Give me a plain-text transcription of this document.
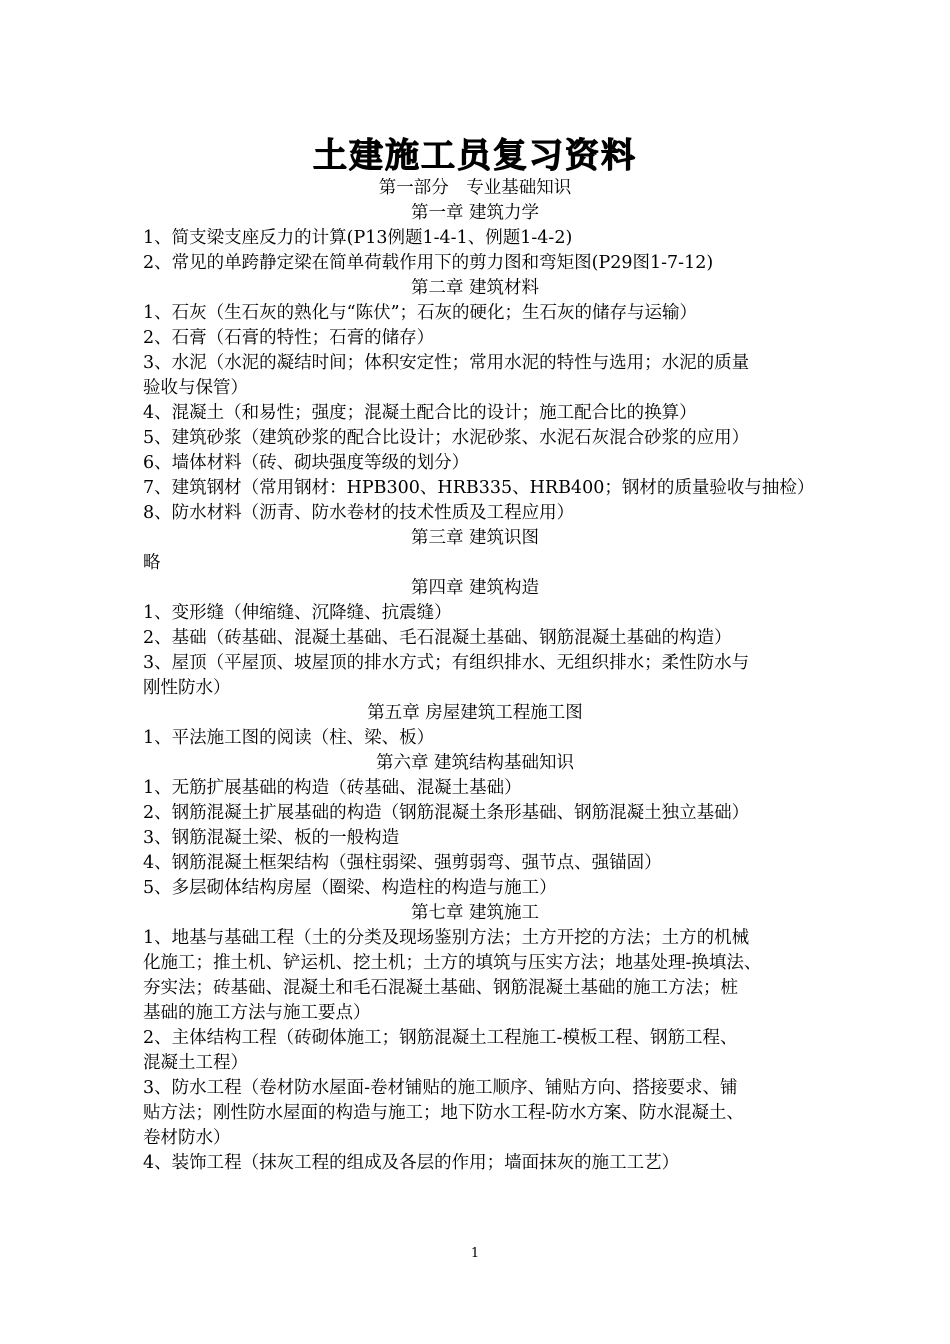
土建施工员复习资料
第一部分　专业基础知识
第一章 建筑力学
1、简支梁支座反力的计算(P13例题1-4-1、例题1-4-2)
2、常见的单跨静定梁在简单荷载作用下的剪力图和弯矩图(P29图1-7-12)
第二章 建筑材料
1、石灰（生石灰的熟化与“陈伏”；石灰的硬化；生石灰的储存与运输）
2、石膏（石膏的特性；石膏的储存）
3、水泥（水泥的凝结时间；体积安定性；常用水泥的特性与选用；水泥的质量
验收与保管）
4、混凝土（和易性；强度；混凝土配合比的设计；施工配合比的换算）
5、建筑砂浆（建筑砂浆的配合比设计；水泥砂浆、水泥石灰混合砂浆的应用）
6、墙体材料（砖、砌块强度等级的划分）
7、建筑钢材（常用钢材：HPB300、HRB335、HRB400；钢材的质量验收与抽检）
8、防水材料（沥青、防水卷材的技术性质及工程应用）
第三章 建筑识图
略
第四章 建筑构造
1、变形缝（伸缩缝、沉降缝、抗震缝）
2、基础（砖基础、混凝土基础、毛石混凝土基础、钢筋混凝土基础的构造）
3、屋顶（平屋顶、坡屋顶的排水方式；有组织排水、无组织排水；柔性防水与
刚性防水）
第五章 房屋建筑工程施工图
1、平法施工图的阅读（柱、梁、板）
第六章 建筑结构基础知识
1、无筋扩展基础的构造（砖基础、混凝土基础）
2、钢筋混凝土扩展基础的构造（钢筋混凝土条形基础、钢筋混凝土独立基础）
3、钢筋混凝土梁、板的一般构造
4、钢筋混凝土框架结构（强柱弱梁、强剪弱弯、强节点、强锚固）
5、多层砌体结构房屋（圈梁、构造柱的构造与施工）
第七章 建筑施工
1、地基与基础工程（土的分类及现场鉴别方法；土方开挖的方法；土方的机械
化施工；推土机、铲运机、挖土机；土方的填筑与压实方法；地基处理-换填法、
夯实法；砖基础、混凝土和毛石混凝土基础、钢筋混凝土基础的施工方法；桩
基础的施工方法与施工要点）
2、主体结构工程（砖砌体施工；钢筋混凝土工程施工-模板工程、钢筋工程、
混凝土工程）
3、防水工程（卷材防水屋面-卷材铺贴的施工顺序、铺贴方向、搭接要求、铺
贴方法；刚性防水屋面的构造与施工；地下防水工程-防水方案、防水混凝土、
卷材防水）
4、装饰工程（抹灰工程的组成及各层的作用；墙面抹灰的施工工艺）
1
